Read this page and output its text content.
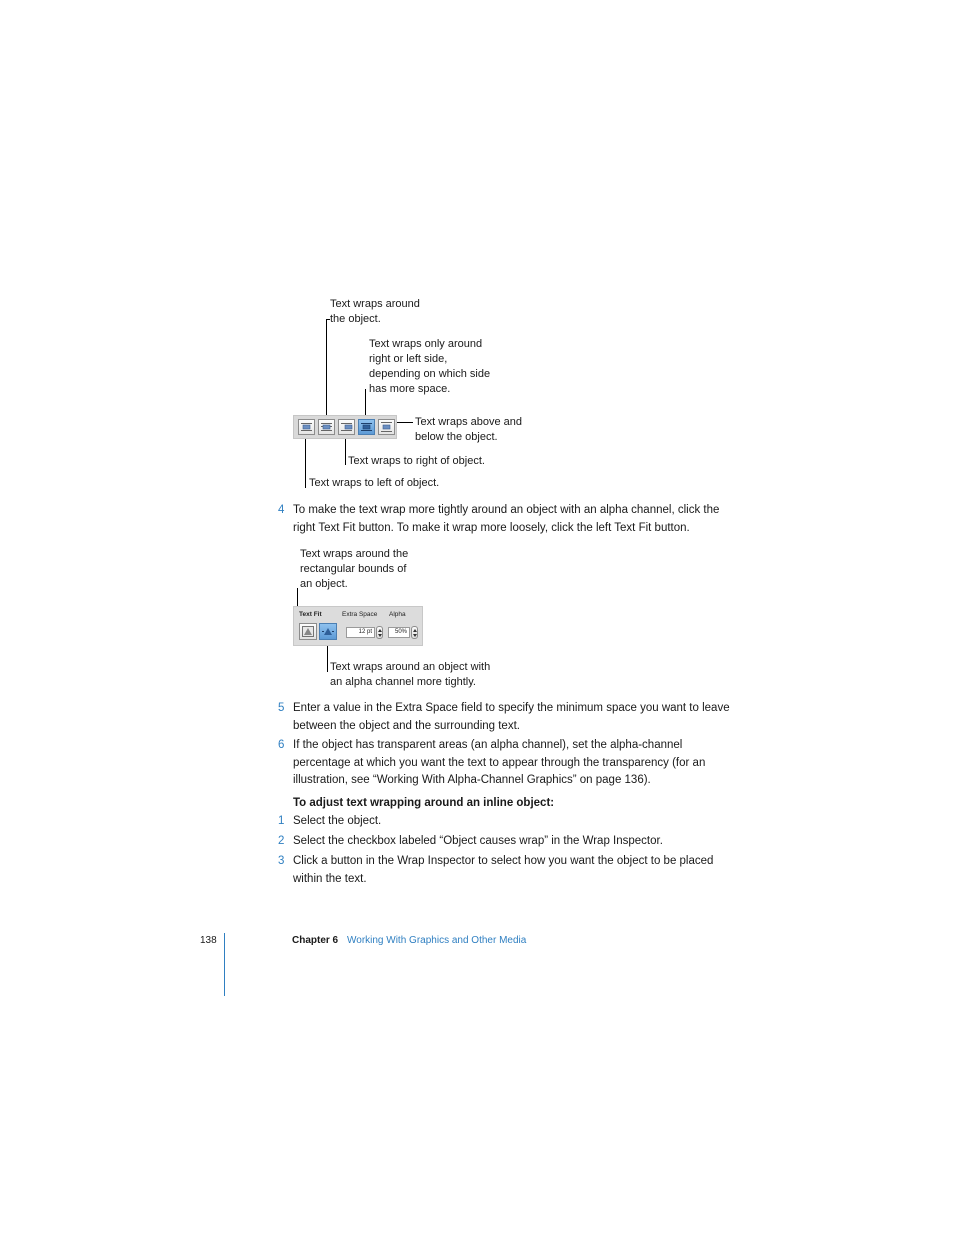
Text wraps around
the object.
Text wraps only around
right or left side,
depending on which side
has more space.
Text wraps above and
below the object.
Text wraps to right of object.
Text wraps to left of object.
4 To make the text wrap more tightly around an object with an alpha channel, click the
right Text Fit button. To make it wrap more loosely, click the left Text Fit button.
Text wraps around the
rectangular bounds of
an object.
Text wraps around an object with
an alpha channel more tightly.
Text Fit	Extra Space Alpha
12 pt	50%
5 Enter a value in the Extra Space field to specify the minimum space you want to leave
between the object and the surrounding text.
6 If the object has transparent areas (an alpha channel), set the alpha-channel
percentage at which you want the text to appear through the transparency (for an
illustration, see “Working With Alpha-Channel Graphics” on page 136).
To adjust text wrapping around an inline object:
1 Select the object.
2 Select the checkbox labeled “Object causes wrap” in the Wrap Inspector.
3 Click a button in the Wrap Inspector to select how you want the object to be placed
within the text.
138	Chapter 6 Working With Graphics and Other Media
